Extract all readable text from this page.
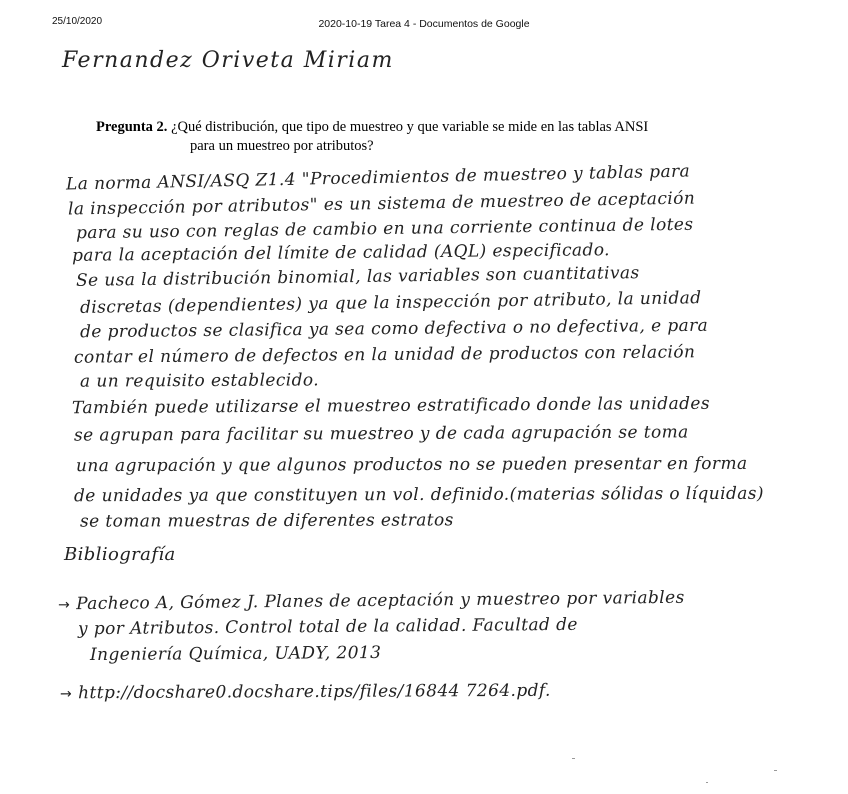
25/10/2020	2020-10-19 Tarea 4 - Documentos de Google
Fernandez Oriveta Miriam
Pregunta 2. ¿Qué distribución, que tipo de muestreo y que variable se mide en las tablas ANSI
para un muestreo por atributos?
La norma ANSI/ASQ Z1.4 "Procedimientos de muestreo y tablas para
la inspección por atributos" es un sistema de muestreo de aceptación
para su uso con reglas de cambio en una corriente continua de lotes
para la aceptación del límite de calidad (AQL) especificado.
Se usa la distribución binomial, las variables son cuantitativas
discretas (dependientes) ya que la inspección por atributo, la unidad
de productos se clasifica ya sea como defectiva o no defectiva, e para
contar el número de defectos en la unidad de productos con relación
a un requisito establecido.
También puede utilizarse el muestreo estratificado donde las unidades
se agrupan para facilitar su muestreo y de cada agrupación se toma
una agrupación y que algunos productos no se pueden presentar en forma
de unidades ya que constituyen un vol. definido.(materias sólidas o líquidas)
se toman muestras de diferentes estratos
Bibliografía
→ Pacheco A, Gómez J. Planes de aceptación y muestreo por variables
y por Atributos. Control total de la calidad. Facultad de
Ingeniería Química, UADY, 2013
→ http://docshare0.docshare.tips/files/16844 7264.pdf.
